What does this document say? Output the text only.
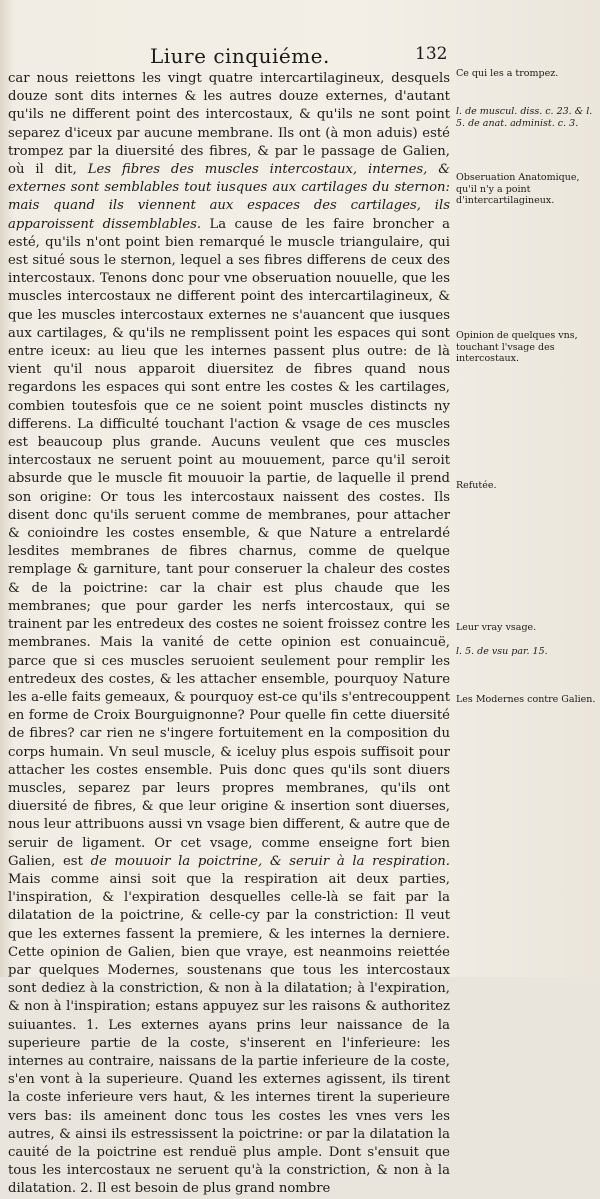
Liure cinquiéme.	132

car nous reiettons les vingt quatre intercartilagineux, desquels douze sont dits internes & les autres douze externes, d'autant qu'ils ne different point des intercostaux, & qu'ils ne sont point separez d'iceux par aucune membrane. Ils ont (à mon aduis) esté trompez par la diuersité des fibres, & par le passage de Galien, où il dit, Les fibres des muscles intercostaux, internes, & externes sont semblables tout iusques aux cartilages du sternon: mais quand ils viennent aux espaces des cartilages, ils apparoissent dissemblables. La cause de les faire broncher a esté, qu'ils n'ont point bien remarqué le muscle triangulaire, qui est situé sous le sternon, lequel a ses fibres differens de ceux des intercostaux. Tenons donc pour vne obseruation nouuelle, que les muscles intercostaux ne different point des intercartilagineux, & que les muscles intercostaux externes ne s'auancent que iusques aux cartilages, & qu'ils ne remplissent point les espaces qui sont entre iceux: au lieu que les internes passent plus outre: de là vient qu'il nous apparoit diuersitez de fibres quand nous regardons les espaces qui sont entre les costes & les cartilages, combien toutesfois que ce ne soient point muscles distincts ny differens. La difficulté touchant l'action & vsage de ces muscles est beaucoup plus grande. Aucuns veulent que ces muscles intercostaux ne seruent point au mouuement, parce qu'il seroit absurde que le muscle fit mouuoir la partie, de laquelle il prend son origine: Or tous les intercostaux naissent des costes. Ils disent donc qu'ils seruent comme de membranes, pour attacher & conioindre les costes ensemble, & que Nature a entrelardé lesdites membranes de fibres charnus, comme de quelque remplage & garniture, tant pour conseruer la chaleur des costes & de la poictrine: car la chair est plus chaude que les membranes; que pour garder les nerfs intercostaux, qui se trainent par les entredeux des costes ne soient froissez contre les membranes. Mais la vanité de cette opinion est conuaincuë, parce que si ces muscles seruoient seulement pour remplir les entredeux des costes, & les attacher ensemble, pourquoy Nature les a-elle faits gemeaux, & pourquoy est-ce qu'ils s'entrecouppent en forme de Croix Bourguignonne? Pour quelle fin cette diuersité de fibres? car rien ne s'ingere fortuitement en la composition du corps humain. Vn seul muscle, & iceluy plus espois suffisoit pour attacher les costes ensemble. Puis donc ques qu'ils sont diuers muscles, separez par leurs propres membranes, qu'ils ont diuersité de fibres, & que leur origine & insertion sont diuerses, nous leur attribuons aussi vn vsage bien different, & autre que de seruir de ligament. Or cet vsage, comme enseigne fort bien Galien, est de mouuoir la poictrine, & seruir à la respiration. Mais comme ainsi soit que la respiration ait deux parties, l'inspiration, & l'expiration desquelles celle-là se fait par la dilatation de la poictrine, & celle-cy par la constriction: Il veut que les externes fassent la premiere, & les internes la derniere. Cette opinion de Galien, bien que vraye, est neanmoins reiettée par quelques Modernes, soustenans que tous les intercostaux sont dediez à la constriction, & non à la dilatation; à l'expiration, & non à l'inspiration; estans appuyez sur les raisons & authoritez suiuantes. 1. Les externes ayans prins leur naissance de la superieure partie de la coste, s'inserent en l'inferieure: les internes au contraire, naissans de la partie inferieure de la coste, s'en vont à la superieure. Quand les externes agissent, ils tirent la coste inferieure vers haut, & les internes tirent la superieure vers bas: ils ameinent donc tous les costes les vnes vers les autres, & ainsi ils estressissent la poictrine: or par la dilatation la cauité de la poictrine est renduë plus ample. Dont s'ensuit que tous les intercostaux ne seruent qu'à la constriction, & non à la dilatation. 2. Il est besoin de plus grand nombre

Ce qui les a trompez.
l. de muscul. diss. c. 23. & l. 5. de anat. administ. c. 3.
Obseruation Anatomique, qu'il n'y a point d'intercartilagineux.
Opinion de quelques vns, touchant l'vsage des intercostaux.
Refutée.
Leur vray vsage.
l. 5. de vsu par. 15.
Les Modernes contre Galien.
